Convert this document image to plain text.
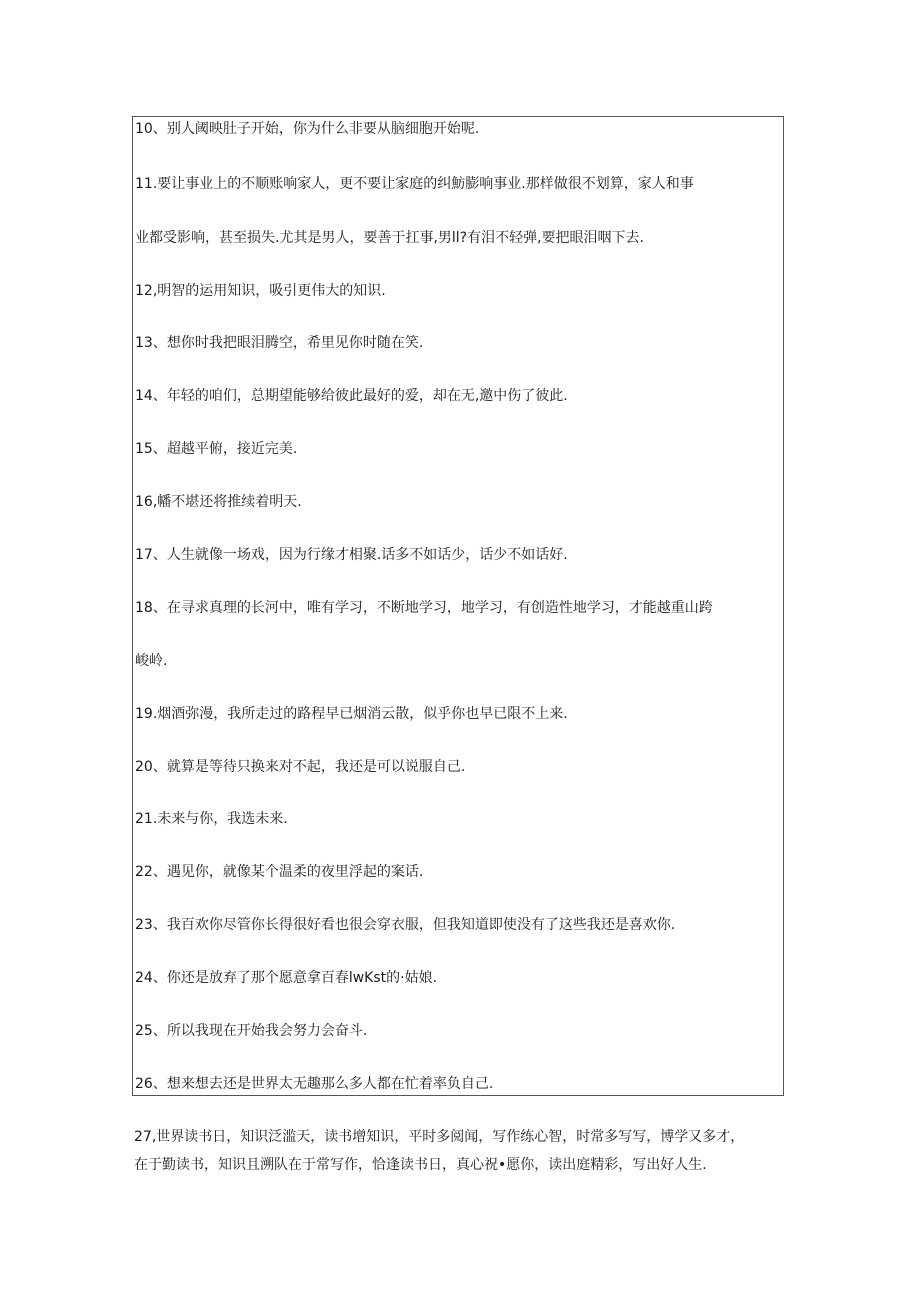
10、别人阈映肚子开始，你为什么非要从脑细胞开始呢.
11.要让事业上的不顺账响家人，更不要让家庭的纠魴膨响事业.那样做很不划算，家人和事
业都受影响，甚至损失.尤其是男人，要善于扛事,男ll?有泪不轻弹,要把眼泪咽下去.
12,明智的运用知识，吸引更伟大的知识.
13、想你时我把眼泪腾空，希里见你时随在笑.
14、年轻的咱们，总期望能够给彼此最好的爱，却在无,邀中伤了彼此.
15、超越平俯，接近完美.
16,幡不堪还将推续着明天.
17、人生就像一场戏，因为行缘才相聚.话多不如话少，话少不如话好.
18、在寻求真理的长河中，唯有学习，不断地学习，地学习，有创造性地学习，才能越重山跨
峻岭.
19.烟酒弥漫，我所走过的路程早已烟消云散，似乎你也早已限不上来.
20、就算是等待只换来对不起，我还是可以说服自己.
21.未来与你，我选未来.
22、遇见你，就像某个温柔的夜里浮起的案话.
23、我百欢你尽管你长得很好看也很会穿衣服，但我知道即使没有了这些我还是喜欢你.
24、你还是放弃了那个愿意拿百春lwKst的·姑娘.
25、所以我现在开始我会努力会奋斗.
26、想来想去还是世界太无趣那么多人都在忙着率负自己.
27,世界读书日，知识泛滥天，读书增知识，平时多阅闻，写作练心智，时常多写写，博学又多才，
在于勤读书，知识且溯队在于常写作，恰逢读书日，真心祝•愿你，读出庭精彩，写出好人生.
